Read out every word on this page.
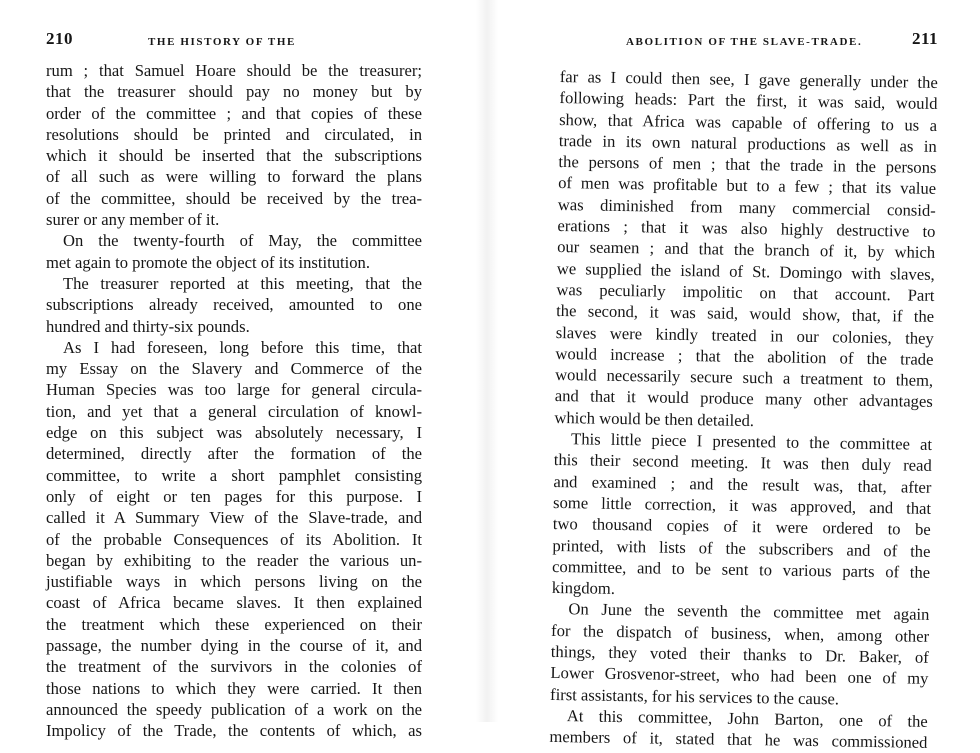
210	THE HISTORY OF THE
rum ; that Samuel Hoare should be the treasurer;
that the treasurer should pay no money but by
order of the committee ; and that copies of these
resolutions should be printed and circulated, in
which it should be inserted that the subscriptions
of all such as were willing to forward the plans
of the committee, should be received by the trea-
surer or any member of it.
On the twenty-fourth of May, the committee
met again to promote the object of its institution.
The treasurer reported at this meeting, that the
subscriptions already received, amounted to one
hundred and thirty-six pounds.
As I had foreseen, long before this time, that
my Essay on the Slavery and Commerce of the
Human Species was too large for general circula-
tion, and yet that a general circulation of knowl-
edge on this subject was absolutely necessary, I
determined, directly after the formation of the
committee, to write a short pamphlet consisting
only of eight or ten pages for this purpose. I
called it A Summary View of the Slave-trade, and
of the probable Consequences of its Abolition. It
began by exhibiting to the reader the various un-
justifiable ways in which persons living on the
coast of Africa became slaves. It then explained
the treatment which these experienced on their
passage, the number dying in the course of it, and
the treatment of the survivors in the colonies of
those nations to which they were carried. It then
announced the speedy publication of a work on the
Impolicy of the Trade, the contents of which, as
ABOLITION OF THE SLAVE-TRADE.	211
far as I could then see, I gave generally under the
following heads: Part the first, it was said, would
show, that Africa was capable of offering to us a
trade in its own natural productions as well as in
the persons of men ; that the trade in the persons
of men was profitable but to a few ; that its value
was diminished from many commercial consid-
erations ; that it was also highly destructive to
our seamen ; and that the branch of it, by which
we supplied the island of St. Domingo with slaves,
was peculiarly impolitic on that account. Part
the second, it was said, would show, that, if the
slaves were kindly treated in our colonies, they
would increase ; that the abolition of the trade
would necessarily secure such a treatment to them,
and that it would produce many other advantages
which would be then detailed.
This little piece I presented to the committee at
this their second meeting. It was then duly read
and examined ; and the result was, that, after
some little correction, it was approved, and that
two thousand copies of it were ordered to be
printed, with lists of the subscribers and of the
committee, and to be sent to various parts of the
kingdom.
On June the seventh the committee met again
for the dispatch of business, when, among other
things, they voted their thanks to Dr. Baker, of
Lower Grosvenor-street, who had been one of my
first assistants, for his services to the cause.
At this committee, John Barton, one of the
members of it, stated that he was commissioned
